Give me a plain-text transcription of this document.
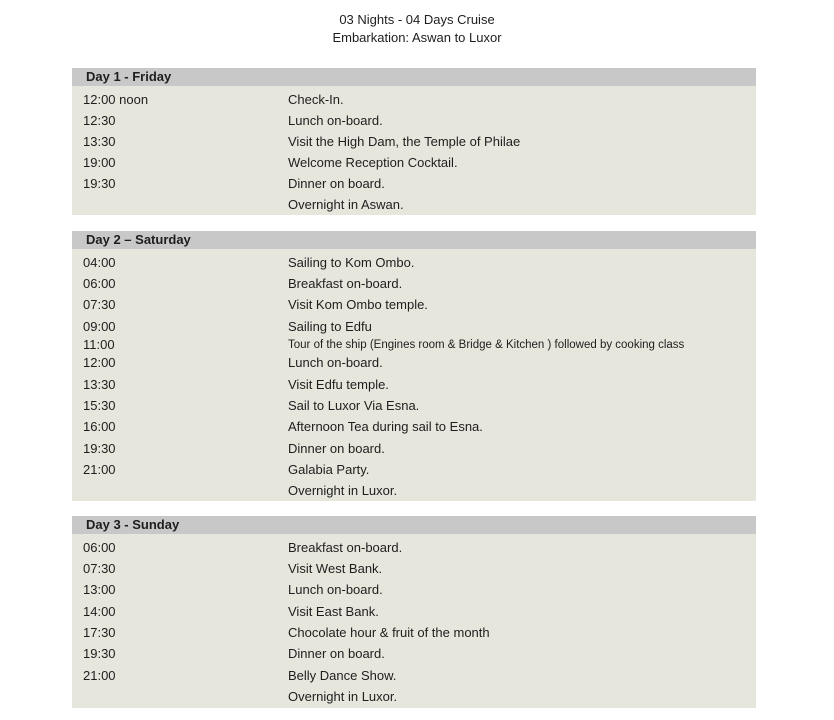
03 Nights - 04 Days Cruise
Embarkation: Aswan to Luxor
Day 1 - Friday
12:00 noon	Check-In.
12:30	Lunch on-board.
13:30	Visit the High Dam, the Temple of Philae
19:00	Welcome Reception Cocktail.
19:30	Dinner on board.
Overnight in Aswan.
Day 2 – Saturday
04:00	Sailing to Kom Ombo.
06:00	Breakfast on-board.
07:30	Visit Kom Ombo temple.
09:00	Sailing to Edfu
11:00	Tour of the ship (Engines room & Bridge & Kitchen ) followed by cooking class
12:00	Lunch on-board.
13:30	Visit Edfu temple.
15:30	Sail to Luxor Via Esna.
16:00	Afternoon Tea during sail to Esna.
19:30	Dinner on board.
21:00	Galabia Party.
Overnight in Luxor.
Day 3 - Sunday
06:00	Breakfast on-board.
07:30	Visit West Bank.
13:00	Lunch on-board.
14:00	Visit East Bank.
17:30	Chocolate hour & fruit of the month
19:30	Dinner on board.
21:00	Belly Dance Show.
Overnight in Luxor.
